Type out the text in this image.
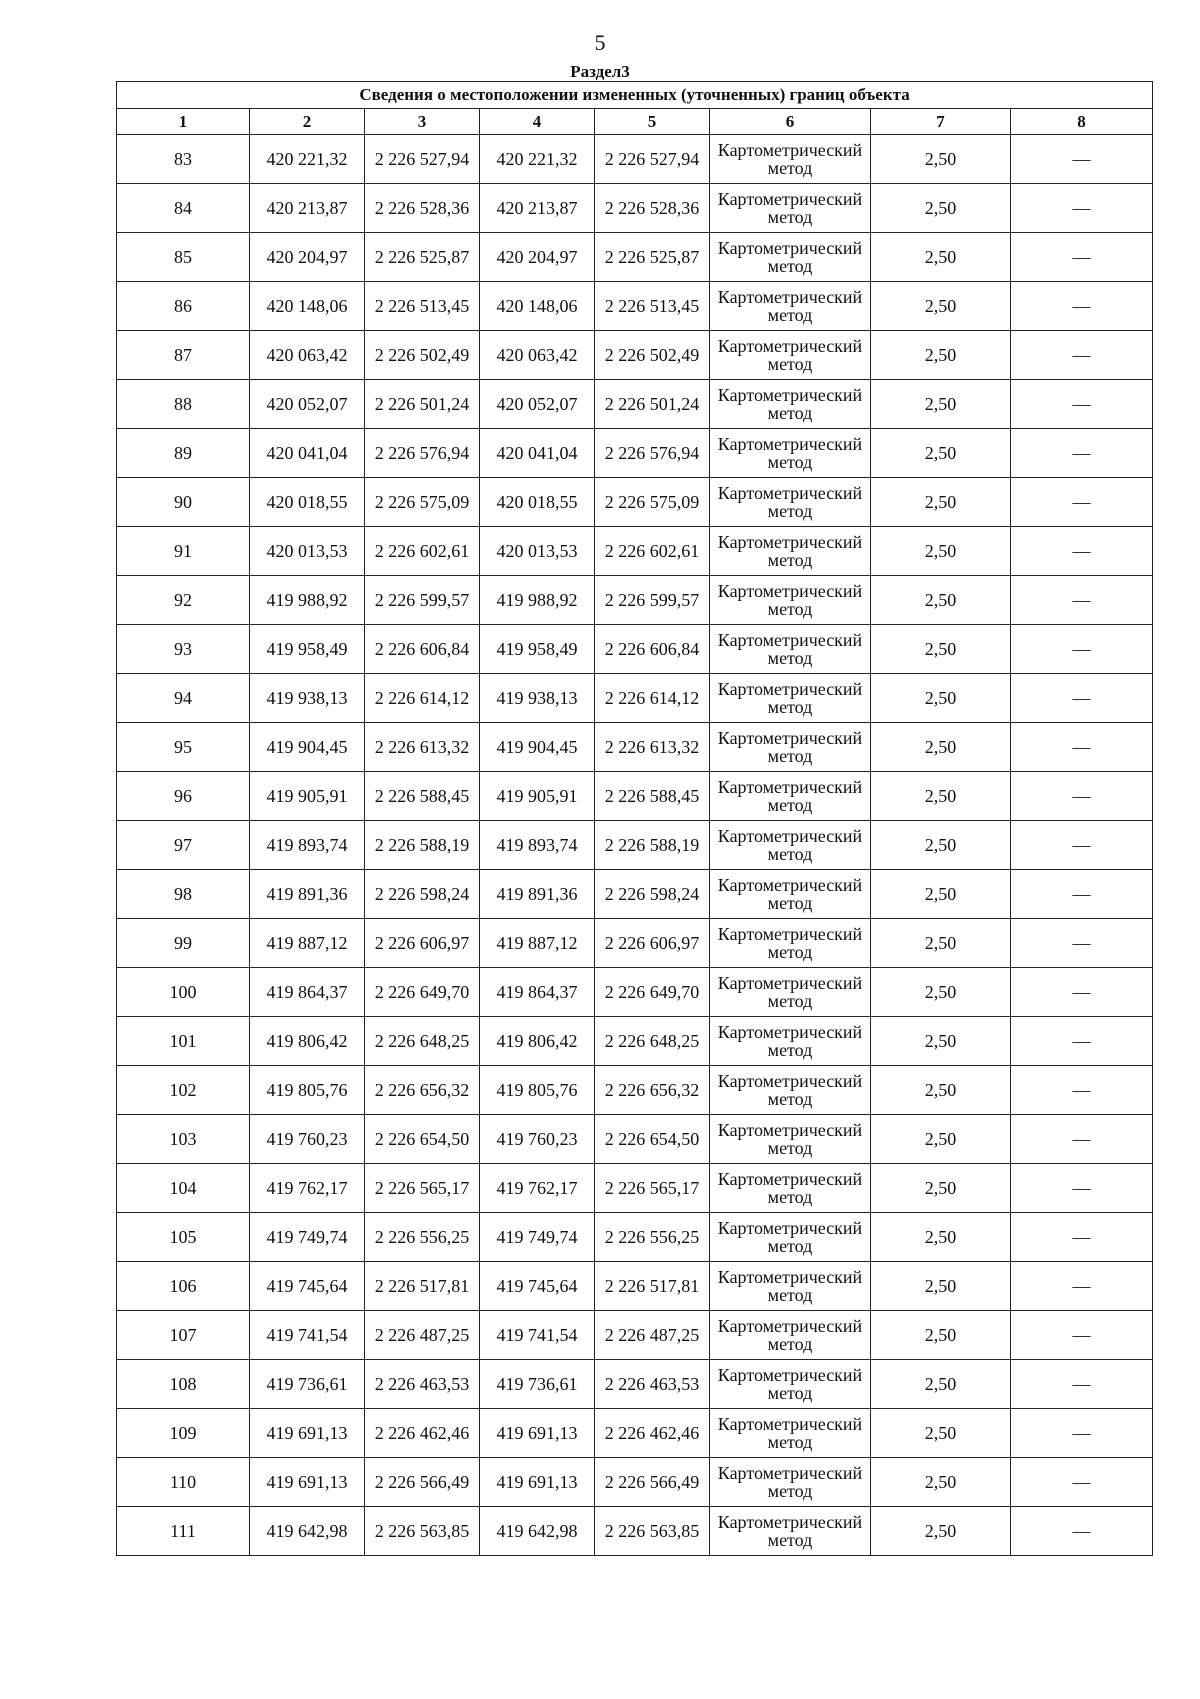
5
Раздел3
Сведения о местоположении измененных (уточненных) границ объекта							
1	2	3	4	5	6	7	8
83	420 221,32	2 226 527,94	420 221,32	2 226 527,94	Картометрический метод	2,50	—
84	420 213,87	2 226 528,36	420 213,87	2 226 528,36	Картометрический метод	2,50	—
85	420 204,97	2 226 525,87	420 204,97	2 226 525,87	Картометрический метод	2,50	—
86	420 148,06	2 226 513,45	420 148,06	2 226 513,45	Картометрический метод	2,50	—
87	420 063,42	2 226 502,49	420 063,42	2 226 502,49	Картометрический метод	2,50	—
88	420 052,07	2 226 501,24	420 052,07	2 226 501,24	Картометрический метод	2,50	—
89	420 041,04	2 226 576,94	420 041,04	2 226 576,94	Картометрический метод	2,50	—
90	420 018,55	2 226 575,09	420 018,55	2 226 575,09	Картометрический метод	2,50	—
91	420 013,53	2 226 602,61	420 013,53	2 226 602,61	Картометрический метод	2,50	—
92	419 988,92	2 226 599,57	419 988,92	2 226 599,57	Картометрический метод	2,50	—
93	419 958,49	2 226 606,84	419 958,49	2 226 606,84	Картометрический метод	2,50	—
94	419 938,13	2 226 614,12	419 938,13	2 226 614,12	Картометрический метод	2,50	—
95	419 904,45	2 226 613,32	419 904,45	2 226 613,32	Картометрический метод	2,50	—
96	419 905,91	2 226 588,45	419 905,91	2 226 588,45	Картометрический метод	2,50	—
97	419 893,74	2 226 588,19	419 893,74	2 226 588,19	Картометрический метод	2,50	—
98	419 891,36	2 226 598,24	419 891,36	2 226 598,24	Картометрический метод	2,50	—
99	419 887,12	2 226 606,97	419 887,12	2 226 606,97	Картометрический метод	2,50	—
100	419 864,37	2 226 649,70	419 864,37	2 226 649,70	Картометрический метод	2,50	—
101	419 806,42	2 226 648,25	419 806,42	2 226 648,25	Картометрический метод	2,50	—
102	419 805,76	2 226 656,32	419 805,76	2 226 656,32	Картометрический метод	2,50	—
103	419 760,23	2 226 654,50	419 760,23	2 226 654,50	Картометрический метод	2,50	—
104	419 762,17	2 226 565,17	419 762,17	2 226 565,17	Картометрический метод	2,50	—
105	419 749,74	2 226 556,25	419 749,74	2 226 556,25	Картометрический метод	2,50	—
106	419 745,64	2 226 517,81	419 745,64	2 226 517,81	Картометрический метод	2,50	—
107	419 741,54	2 226 487,25	419 741,54	2 226 487,25	Картометрический метод	2,50	—
108	419 736,61	2 226 463,53	419 736,61	2 226 463,53	Картометрический метод	2,50	—
109	419 691,13	2 226 462,46	419 691,13	2 226 462,46	Картометрический метод	2,50	—
110	419 691,13	2 226 566,49	419 691,13	2 226 566,49	Картометрический метод	2,50	—
111	419 642,98	2 226 563,85	419 642,98	2 226 563,85	Картометрический метод	2,50	—
